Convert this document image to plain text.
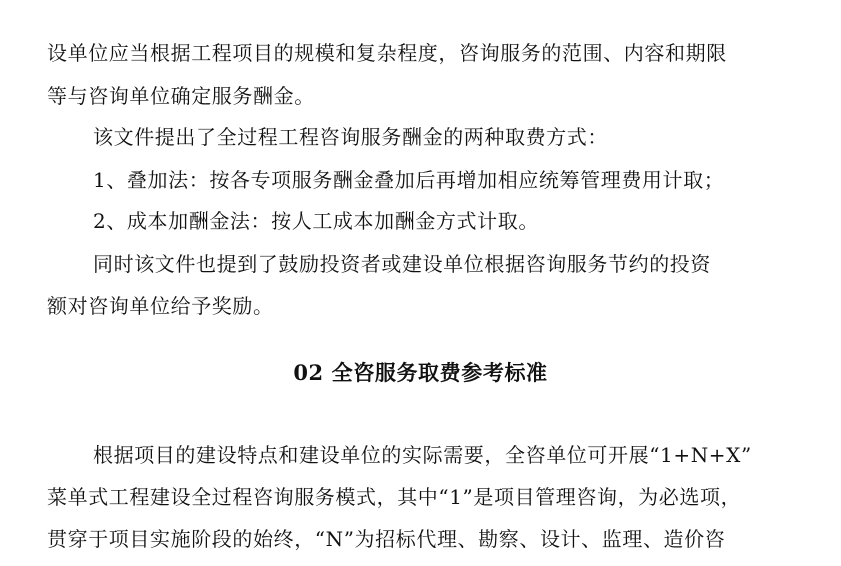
设单位应当根据工程项目的规模和复杂程度，咨询服务的范围、内容和期限
等与咨询单位确定服务酬金。
该文件提出了全过程工程咨询服务酬金的两种取费方式：
1、叠加法：按各专项服务酬金叠加后再增加相应统筹管理费用计取；
2、成本加酬金法：按人工成本加酬金方式计取。
同时该文件也提到了鼓励投资者或建设单位根据咨询服务节约的投资
额对咨询单位给予奖励。
02 全咨服务取费参考标准
根据项目的建设特点和建设单位的实际需要，全咨单位可开展“1+N+X”
菜单式工程建设全过程咨询服务模式，其中“1”是项目管理咨询，为必选项，
贯穿于项目实施阶段的始终，“N”为招标代理、勘察、设计、监理、造价咨
